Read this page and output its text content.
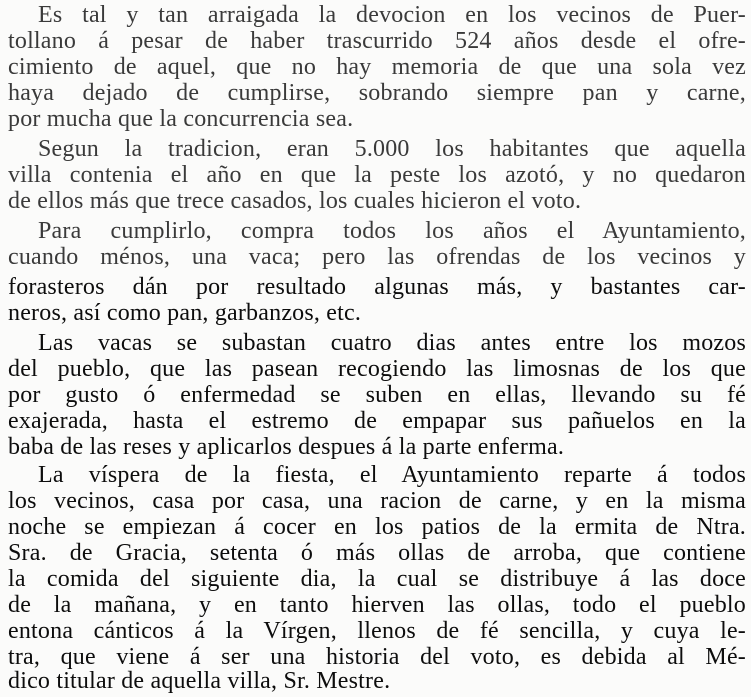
Es tal y tan arraigada la devocion en los vecinos de Puer-
tollano á pesar de haber trascurrido 524 años desde el ofre-
cimiento de aquel, que no hay memoria de que una sola vez
haya dejado de cumplirse, sobrando siempre pan y carne,
por mucha que la concurrencia sea.
Segun la tradicion, eran 5.000 los habitantes que aquella
villa contenia el año en que la peste los azotó, y no quedaron
de ellos más que trece casados, los cuales hicieron el voto.
Para cumplirlo, compra todos los años el Ayuntamiento,
cuando ménos, una vaca; pero las ofrendas de los vecinos y
forasteros dán por resultado algunas más, y bastantes car-
neros, así como pan, garbanzos, etc.
Las vacas se subastan cuatro dias antes entre los mozos
del pueblo, que las pasean recogiendo las limosnas de los que
por gusto ó enfermedad se suben en ellas, llevando su fé
exajerada, hasta el estremo de empapar sus pañuelos en la
baba de las reses y aplicarlos despues á la parte enferma.
La víspera de la fiesta, el Ayuntamiento reparte á todos
los vecinos, casa por casa, una racion de carne, y en la misma
noche se empiezan á cocer en los patios de la ermita de Ntra.
Sra. de Gracia, setenta ó más ollas de arroba, que contiene
la comida del siguiente dia, la cual se distribuye á las doce
de la mañana, y en tanto hierven las ollas, todo el pueblo
entona cánticos á la Vírgen, llenos de fé sencilla, y cuya le-
tra, que viene á ser una historia del voto, es debida al Mé-
dico titular de aquella villa, Sr. Mestre.
